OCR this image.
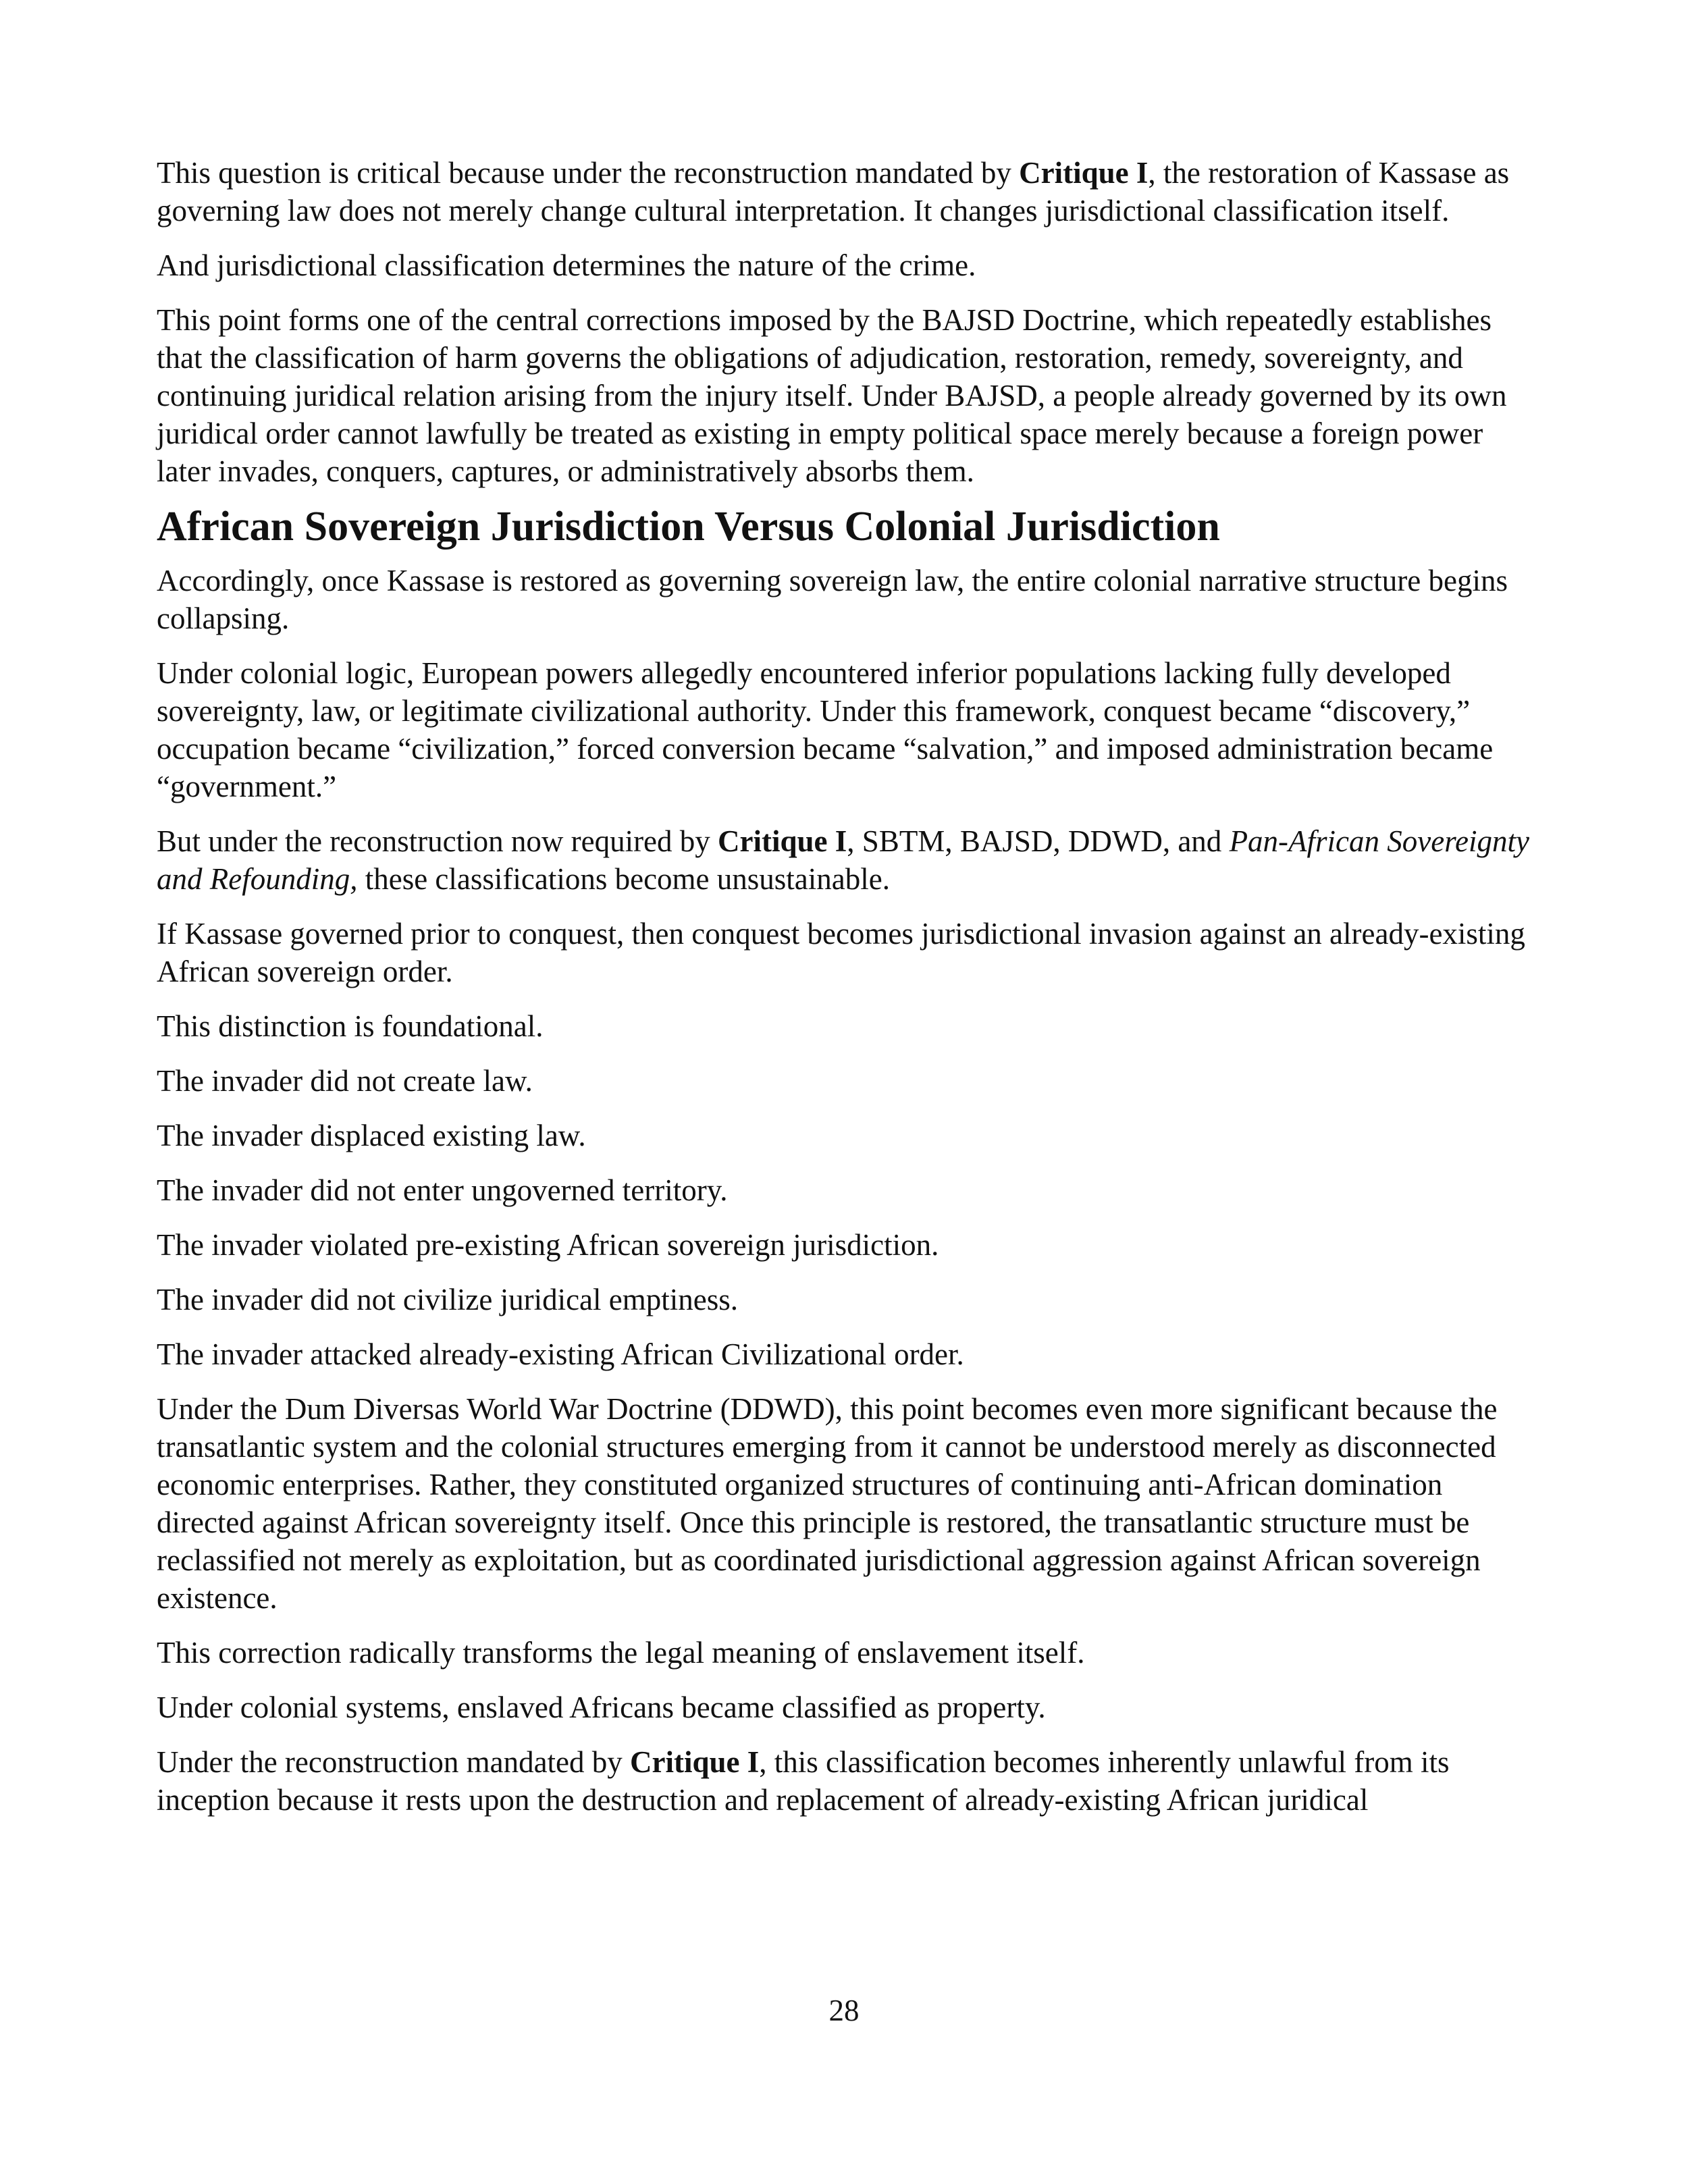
This question is critical because under the reconstruction mandated by Critique I, the restoration of Kassase as governing law does not merely change cultural interpretation. It changes jurisdictional classification itself.

And jurisdictional classification determines the nature of the crime.

This point forms one of the central corrections imposed by the BAJSD Doctrine, which repeatedly establishes that the classification of harm governs the obligations of adjudication, restoration, remedy, sovereignty, and continuing juridical relation arising from the injury itself. Under BAJSD, a people already governed by its own juridical order cannot lawfully be treated as existing in empty political space merely because a foreign power later invades, conquers, captures, or administratively absorbs them.

African Sovereign Jurisdiction Versus Colonial Jurisdiction

Accordingly, once Kassase is restored as governing sovereign law, the entire colonial narrative structure begins collapsing.

Under colonial logic, European powers allegedly encountered inferior populations lacking fully developed sovereignty, law, or legitimate civilizational authority. Under this framework, conquest became “discovery,” occupation became “civilization,” forced conversion became “salvation,” and imposed administration became “government.”

But under the reconstruction now required by Critique I, SBTM, BAJSD, DDWD, and Pan-African Sovereignty and Refounding, these classifications become unsustainable.

If Kassase governed prior to conquest, then conquest becomes jurisdictional invasion against an already-existing African sovereign order.

This distinction is foundational.

The invader did not create law.

The invader displaced existing law.

The invader did not enter ungoverned territory.

The invader violated pre-existing African sovereign jurisdiction.

The invader did not civilize juridical emptiness.

The invader attacked already-existing African Civilizational order.

Under the Dum Diversas World War Doctrine (DDWD), this point becomes even more significant because the transatlantic system and the colonial structures emerging from it cannot be understood merely as disconnected economic enterprises. Rather, they constituted organized structures of continuing anti-African domination directed against African sovereignty itself. Once this principle is restored, the transatlantic structure must be reclassified not merely as exploitation, but as coordinated jurisdictional aggression against African sovereign existence.

This correction radically transforms the legal meaning of enslavement itself.

Under colonial systems, enslaved Africans became classified as property.

Under the reconstruction mandated by Critique I, this classification becomes inherently unlawful from its inception because it rests upon the destruction and replacement of already-existing African juridical

28
